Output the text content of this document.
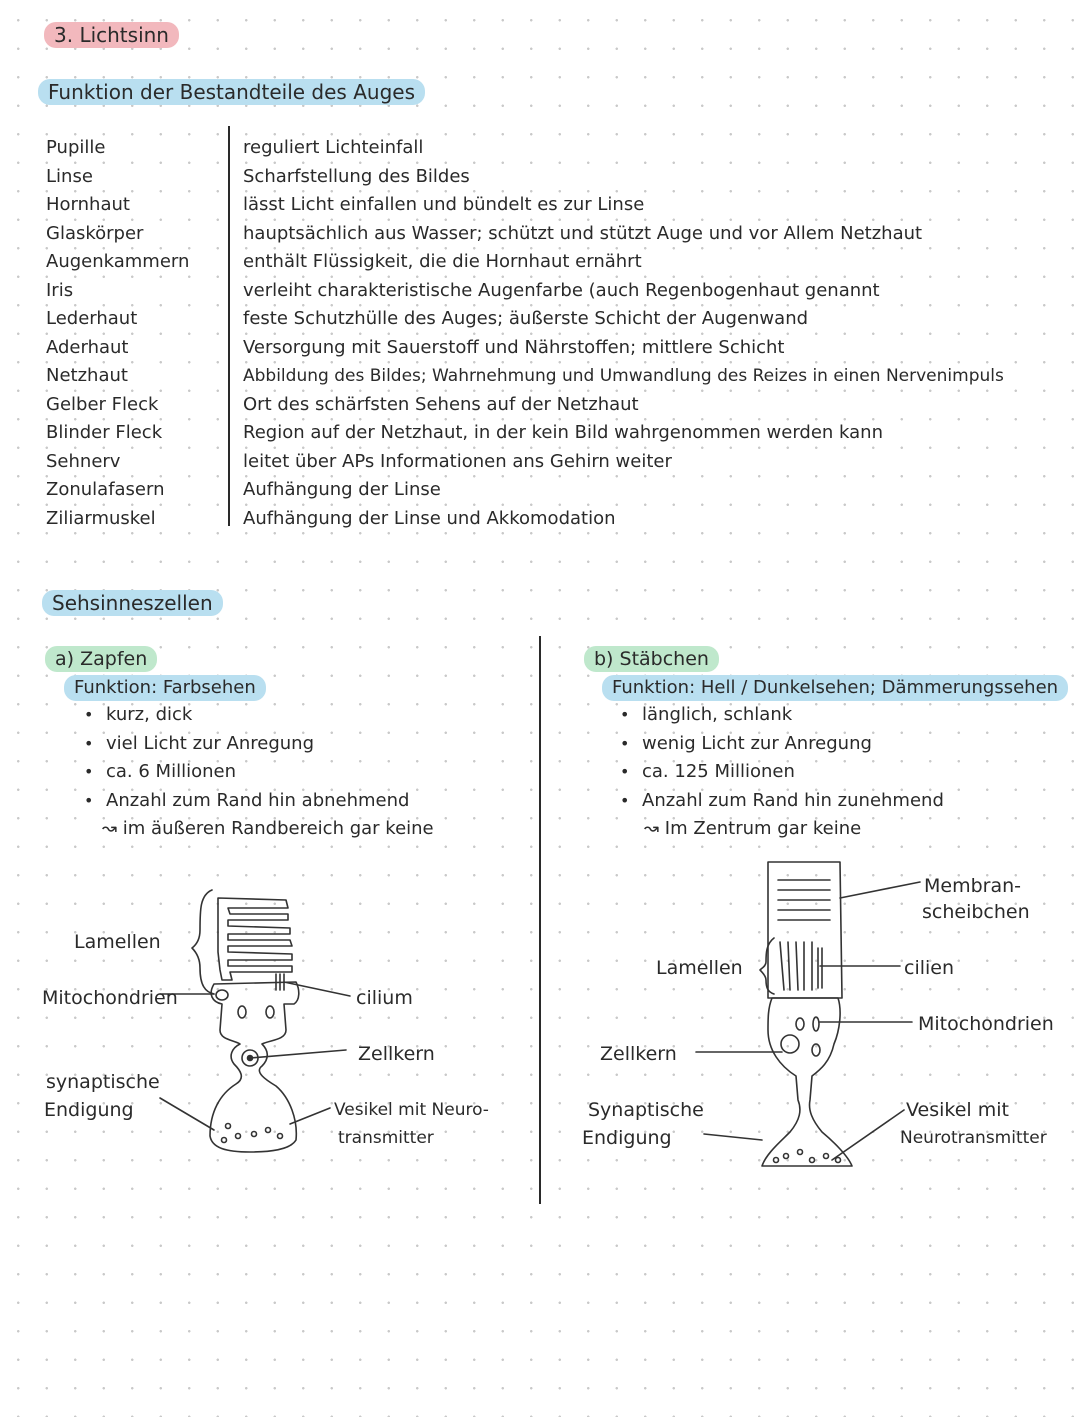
3. Lichtsinn
Funktion der Bestandteile des Auges
Pupille
Linse
Hornhaut
Glaskörper
Augenkammern
Iris
Lederhaut
Aderhaut
Netzhaut
Gelber Fleck
Blinder Fleck
Sehnerv
Zonulafasern
Ziliarmuskel
reguliert Lichteinfall
Scharfstellung des Bildes
lässt Licht einfallen und bündelt es zur Linse
hauptsächlich aus Wasser; schützt und stützt Auge und vor Allem Netzhaut
enthält Flüssigkeit, die die Hornhaut ernährt
verleiht charakteristische Augenfarbe (auch Regenbogenhaut genannt
feste Schutzhülle des Auges; äußerste Schicht der Augenwand
Versorgung mit Sauerstoff und Nährstoffen; mittlere Schicht
Abbildung des Bildes; Wahrnehmung und Umwandlung des Reizes in einen Nervenimpuls
Ort des schärfsten Sehens auf der Netzhaut
Region auf der Netzhaut, in der kein Bild wahrgenommen werden kann
leitet über APs Informationen ans Gehirn weiter
Aufhängung der Linse
Aufhängung der Linse und Akkomodation
Sehsinneszellen
a) Zapfen
Funktion: Farbsehen
• kurz, dick
• viel Licht zur Anregung
• ca. 6 Millionen
• Anzahl zum Rand hin abnehmend
↝ im äußeren Randbereich gar keine
b) Stäbchen
Funktion: Hell / Dunkelsehen; Dämmerungssehen
• länglich, schlank
• wenig Licht zur Anregung
• ca. 125 Millionen
• Anzahl zum Rand hin zunehmend
↝ Im Zentrum gar keine
Lamellen
Mitochondrien
synaptische
Endigung
cilium
Zellkern
Vesikel mit Neuro-
transmitter
Membran-
scheibchen
Lamellen	cilien
Mitochondrien
Zellkern
Synaptische
Endigung
Vesikel mit
Neurotransmitter
